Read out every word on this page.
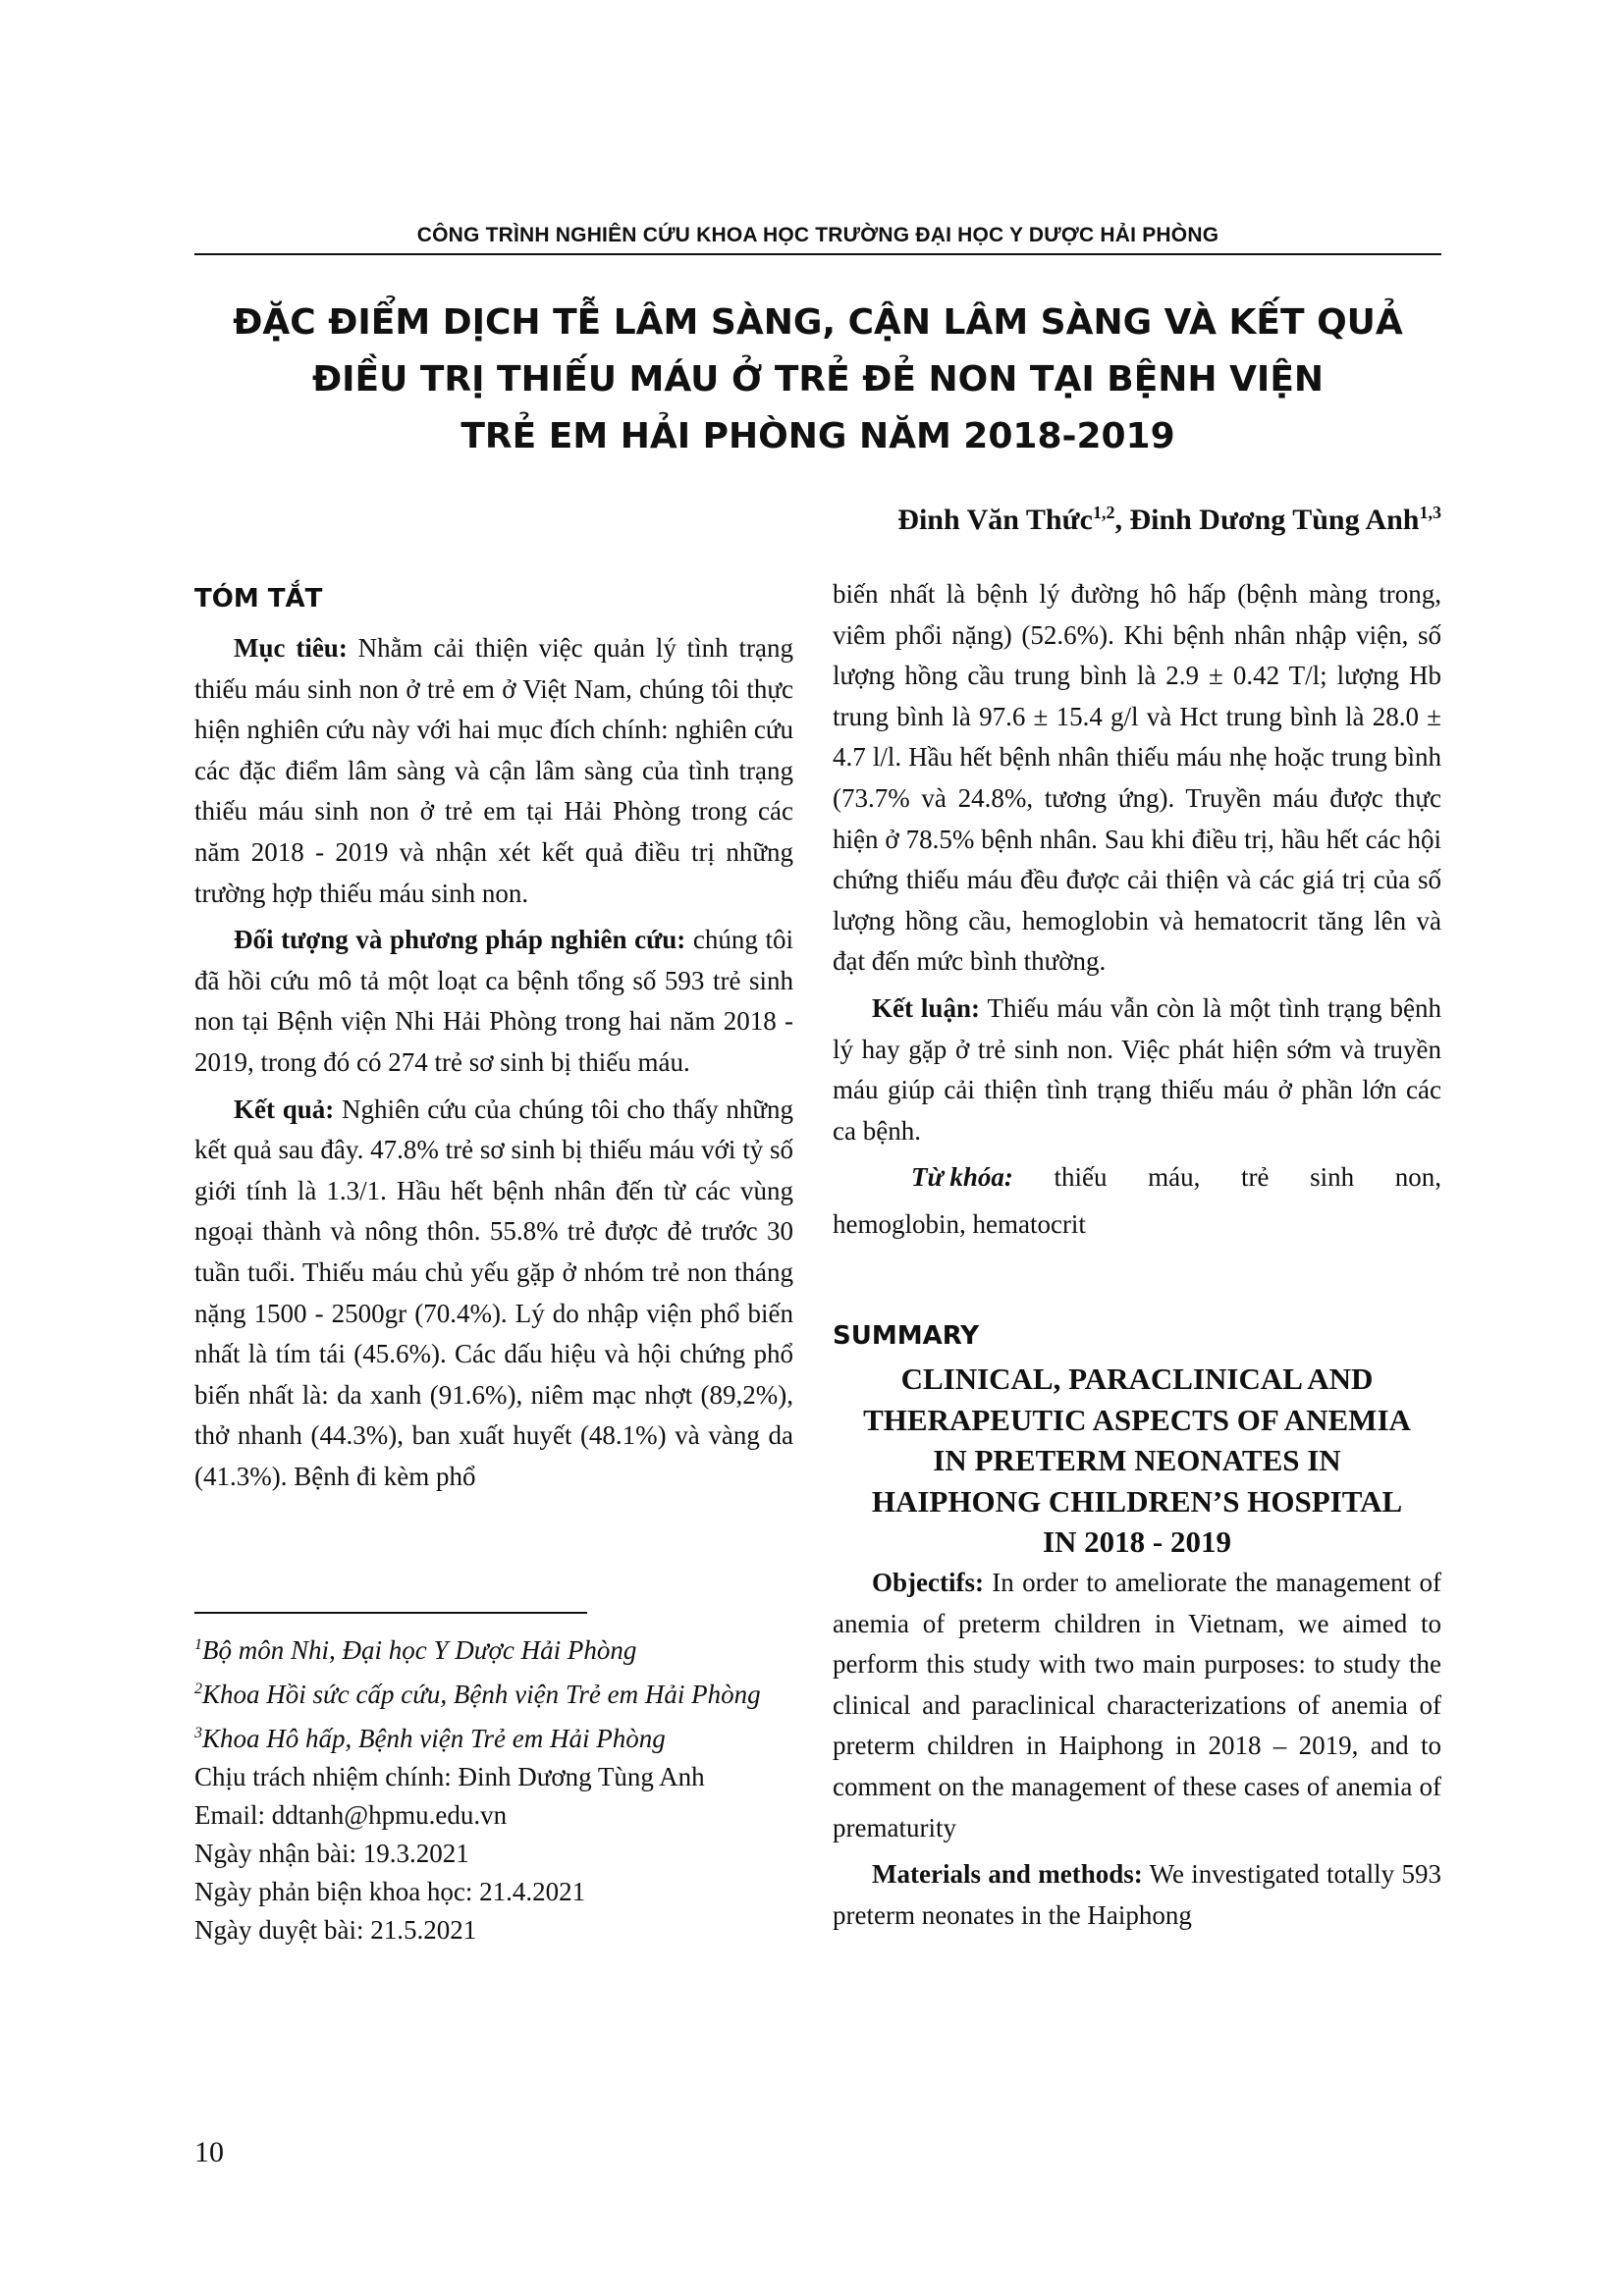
CÔNG TRÌNH NGHIÊN CỨU KHOA HỌC TRƯỜNG ĐẠI HỌC Y DƯỢC HẢI PHÒNG
ĐẶC ĐIỂM DỊCH TỄ LÂM SÀNG, CẬN LÂM SÀNG VÀ KẾT QUẢ
ĐIỀU TRỊ THIẾU MÁU Ở TRẺ ĐẺ NON TẠI BỆNH VIỆN
TRẺ EM HẢI PHÒNG NĂM 2018-2019
Đinh Văn Thức$^{1,2}$, Đinh Dương Tùng Anh$^{1,3}$
TÓM TẮT

Mục tiêu: Nhằm cải thiện việc quản lý tình trạng thiếu máu sinh non ở trẻ em ở Việt Nam, chúng tôi thực hiện nghiên cứu này với hai mục đích chính: nghiên cứu các đặc điểm lâm sàng và cận lâm sàng của tình trạng thiếu máu sinh non ở trẻ em tại Hải Phòng trong các năm 2018 - 2019 và nhận xét kết quả điều trị những trường hợp thiếu máu sinh non.

Đối tượng và phương pháp nghiên cứu: chúng tôi đã hồi cứu mô tả một loạt ca bệnh tổng số 593 trẻ sinh non tại Bệnh viện Nhi Hải Phòng trong hai năm 2018 - 2019, trong đó có 274 trẻ sơ sinh bị thiếu máu.

Kết quả: Nghiên cứu của chúng tôi cho thấy những kết quả sau đây. 47.8% trẻ sơ sinh bị thiếu máu với tỷ số giới tính là 1.3/1. Hầu hết bệnh nhân đến từ các vùng ngoại thành và nông thôn. 55.8% trẻ được đẻ trước 30 tuần tuổi. Thiếu máu chủ yếu gặp ở nhóm trẻ non tháng nặng 1500 - 2500gr (70.4%). Lý do nhập viện phổ biến nhất là tím tái (45.6%). Các dấu hiệu và hội chứng phổ biến nhất là: da xanh (91.6%), niêm mạc nhợt (89,2%), thở nhanh (44.3%), ban xuất huyết (48.1%) và vàng da (41.3%). Bệnh đi kèm phổ

$^1$Bộ môn Nhi, Đại học Y Dược Hải Phòng
$^2$Khoa Hồi sức cấp cứu, Bệnh viện Trẻ em Hải Phòng
$^3$Khoa Hô hấp, Bệnh viện Trẻ em Hải Phòng
Chịu trách nhiệm chính: Đinh Dương Tùng Anh
Email: ddtanh@hpmu.edu.vn
Ngày nhận bài: 19.3.2021
Ngày phản biện khoa học: 21.4.2021
Ngày duyệt bài: 21.5.2021

biến nhất là bệnh lý đường hô hấp (bệnh màng trong, viêm phổi nặng) (52.6%). Khi bệnh nhân nhập viện, số lượng hồng cầu trung bình là 2.9 ± 0.42 T/l; lượng Hb trung bình là 97.6 ± 15.4 g/l và Hct trung bình là 28.0 ± 4.7 l/l. Hầu hết bệnh nhân thiếu máu nhẹ hoặc trung bình (73.7% và 24.8%, tương ứng). Truyền máu được thực hiện ở 78.5% bệnh nhân. Sau khi điều trị, hầu hết các hội chứng thiếu máu đều được cải thiện và các giá trị của số lượng hồng cầu, hemoglobin và hematocrit tăng lên và đạt đến mức bình thường.

Kết luận: Thiếu máu vẫn còn là một tình trạng bệnh lý hay gặp ở trẻ sinh non. Việc phát hiện sớm và truyền máu giúp cải thiện tình trạng thiếu máu ở phần lớn các ca bệnh.

Từ khóa:	thiếu	máu,	trẻ	sinh	non,

hemoglobin, hematocrit

SUMMARY
CLINICAL, PARACLINICAL AND
THERAPEUTIC ASPECTS OF ANEMIA
IN PRETERM NEONATES IN
HAIPHONG CHILDREN’S HOSPITAL
IN 2018 - 2019

Objectifs: In order to ameliorate the management of anemia of preterm children in Vietnam, we aimed to perform this study with two main purposes: to study the clinical and paraclinical characterizations of anemia of preterm children in Haiphong in 2018 – 2019, and to comment on the management of these cases of anemia of prematurity

Materials and methods: We investigated totally 593 preterm neonates in the Haiphong

10
